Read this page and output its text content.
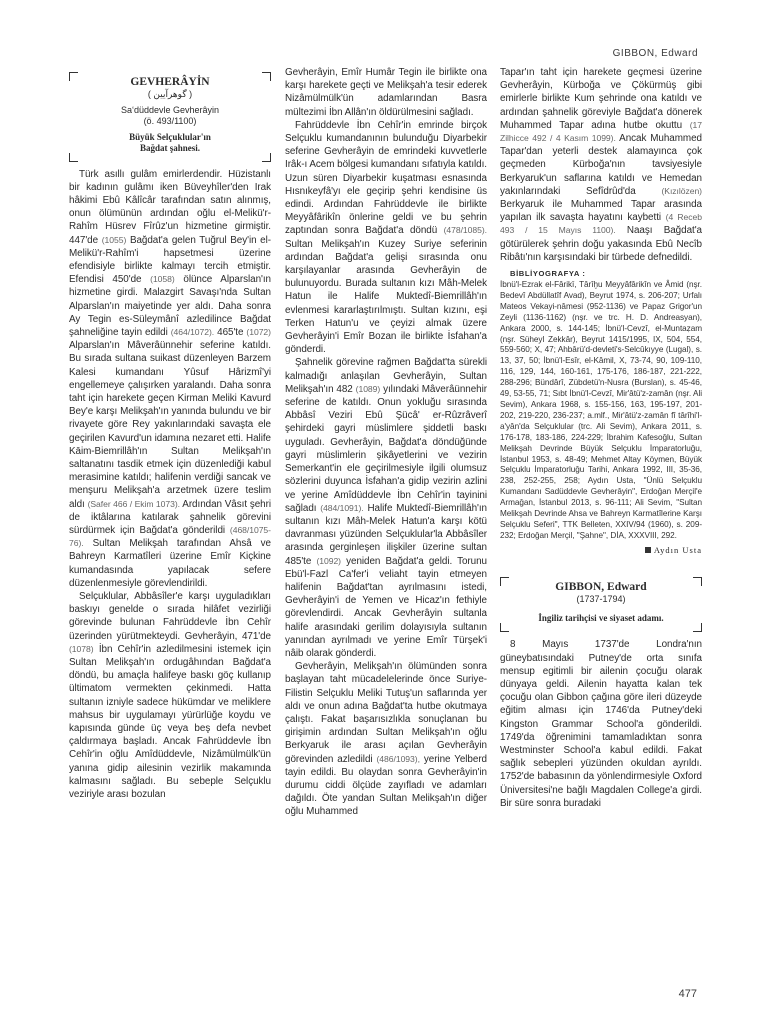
GIBBON, Edward
GEVHERÂYİN
( گوهرآيين )
Sa‘düddevle Gevherâyin
(ö. 493/1100)
Büyük Selçuklular'ın
Bağdat şahnesi.

Türk asıllı gulâm emirlerdendir. Hüzistanlı bir kadının gulâmı iken Büveyhîler'den Irak hâkimi Ebû Kâlîcâr tarafından satın alınmış, onun ölümünün ardından oğlu el-Melikü'r-Rahîm Hüsrev Fîrûz'un hizmetine girmiştir. 447'de (1055) Bağdat'a gelen Tuğrul Bey'in el-Melikü'r-Rahîm'i hapsetmesi üzerine efendisiyle birlikte kalmayı tercih etmiştir. Efendisi 450'de (1058) ölünce Alparslan'ın hizmetine girdi. Malazgirt Savaşı'nda Sultan Alparslan'ın maiyetinde yer aldı. Daha sonra Ay Tegin es-Süleymânî azledilince Bağdat şahneliğine tayin edildi (464/1072). 465'te (1072) Alparslan'ın Mâverâünnehir seferine katıldı. Bu sırada sultana suikast düzenleyen Barzem Kalesi kumandanı Yûsuf Hârizmî'yi engellemeye çalışırken yaralandı. Daha sonra taht için harekete geçen Kirman Meliki Kavurd Bey'e karşı Melikşah'ın yanında bulundu ve bir rivayete göre Rey yakınlarındaki savaşta ele geçirilen Kavurd'un idamına nezaret etti. Halife Kāim-Biemrillâh'ın Sultan Melikşah'ın saltanatını tasdik etmek için düzenlediği kabul merasimine katıldı; halifenin verdiği sancak ve menşuru Melikşah'a arzetmek üzere teslim aldı (Safer 466 / Ekim 1073). Ardından Vâsıt şehri de iktâlarına katılarak şahnelik görevini sürdürmek için Bağdat'a gönderildi (468/1075-76). Sultan Melikşah tarafından Ahsâ ve Bahreyn Karmatîleri üzerine Emîr Kiçkine kumandasında yapılacak sefere düzenlenmesiyle görevlendirildi.

Selçuklular, Abbâsîler'e karşı uyguladıkları baskıyı genelde o sırada hilâfet vezirliği görevinde bulunan Fahrüddevle İbn Cehîr üzerinden yürütmekteydi. Gevherâyin, 471'de (1078) İbn Cehîr'in azledilmesini istemek için Sultan Melikşah'ın ordugâhından Bağdat'a döndü, bu amaçla halifeye baskı göç kullanıp ültimatom vermekten çekinmedi. Hatta sultanın izniyle sadece hükümdar ve meliklere mahsus bir uygulamayı yürürlüğe koydu ve kapısında günde üç veya beş defa nevbet çaldırmaya başladı. Ancak Fahrüddevle İbn Cehîr'in oğlu Amîdüddevle, Nizâmülmülk'ün yanına gidip ailesinin vezirlik makamında kalmasını sağladı. Bu sebeple Selçuklu veziriyle arası bozulan

Gevherâyin, Emîr Humâr Tegin ile birlikte ona karşı harekete geçti ve Melikşah'a tesir ederek Nizâmülmülk'ün adamlarından Basra mültezimi İbn Allân'ın öldürülmesini sağladı.

Fahrüddevle İbn Cehîr'in emrinde birçok Selçuklu kumandanının bulunduğu Diyarbekir seferine Gevherâyin de emrindeki kuvvetlerle Irâk-ı Acem bölgesi kumandanı sıfatıyla katıldı. Uzun süren Diyarbekir kuşatması esnasında Hısnıkeyfâ'yı ele geçirip şehri kendisine üs edindi. Ardından Fahrüddevle ile birlikte Meyyâfârikîn önlerine geldi ve bu şehrin zaptından sonra Bağdat'a döndü (478/1085). Sultan Melikşah'ın Kuzey Suriye seferinin ardından Bağdat'a gelişi sırasında onu karşılayanlar arasında Gevherâyin de bulunuyordu. Burada sultanın kızı Mâh-Melek Hatun ile Halife Muktedî-Biemrillâh'ın evlenmesi kararlaştırılmıştı. Sultan kızını, eşi Terken Hatun'u ve çeyizi almak üzere Gevherâyin'i Emîr Bozan ile birlikte İsfahan'a gönderdi.

Şahnelik görevine rağmen Bağdat'ta sürekli kalmadığı anlaşılan Gevherâyin, Sultan Melikşah'ın 482 (1089) yılındaki Mâverâünnehir seferine de katıldı. Onun yokluğu sırasında Abbâsî Veziri Ebû Şücâ' er-Rûzrâverî şehirdeki gayri müslimlere şiddetli baskı uyguladı. Gevherâyin, Bağdat'a döndüğünde gayri müslimlerin şikâyetlerini ve vezirin Semerkant'in ele geçirilmesiyle ilgili olumsuz sözlerini duyunca İsfahan'a gidip vezirin azlini ve yerine Amîdüddevle İbn Cehîr'in tayinini sağladı (484/1091). Halife Muktedî-Biemrillâh'ın sultanın kızı Mâh-Melek Hatun'a karşı kötü davranması yüzünden Selçuklular'la Abbâsîler arasında gerginleşen ilişkiler üzerine sultan 485'te (1092) yeniden Bağdat'a geldi. Torunu Ebü'l-Fazl Ca'fer'i veliaht tayin etmeyen halifenin Bağdat'tan ayrılmasını istedi, Gevherâyin'i de Yemen ve Hicaz'ın fethiyle görevlendirdi. Ancak Gevherâyin sultanla halife arasındaki gerilim dolayısıyla sultanın yanından ayrılmadı ve yerine Emîr Türşek'i nâib olarak gönderdi.

Gevherâyin, Melikşah'ın ölümünden sonra başlayan taht mücadelelerinde önce Suriye-Filistin Selçuklu Meliki Tutuş'un saflarında yer aldı ve onun adına Bağdat'ta hutbe okutmaya çalıştı. Fakat başarısızlıkla sonuçlanan bu girişimin ardından Sultan Melikşah'ın oğlu Berkyaruk ile arası açılan Gevherâyin görevinden azledildi (486/1093), yerine Yelberd tayin edildi. Bu olaydan sonra Gevherâyin'in durumu ciddi ölçüde zayıfladı ve adamları dağıldı. Öte yandan Sultan Melikşah'ın diğer oğlu Muhammed

Tapar'ın taht için harekete geçmesi üzerine Gevherâyin, Kürboğa ve Çökürmüş gibi emirlerle birlikte Kum şehrinde ona katıldı ve ardından şahnelik göreviyle Bağdat'a dönerek Muhammed Tapar adına hutbe okuttu (17 Zilhicce 492 / 4 Kasım 1099). Ancak Muhammed Tapar'dan yeterli destek alamayınca çok geçmeden Kürboğa'nın tavsiyesiyle Berkyaruk'un saflarına katıldı ve Hemedan yakınlarındaki Sefîdrûd'da	(Kızılözen) Berkyaruk ile Muhammed Tapar arasında yapılan ilk savaşta hayatını kaybetti (4 Receb 493 / 15 Mayıs 1100). Naaşı Bağdat'a götürülerek şehrin doğu yakasında Ebû Necîb Ribâtı'nın karşısındaki bir türbede defnedildi.

BİBLİYOGRAFYA :

İbnü'l-Ezrak el-Fârikī, Târîḫu Meyyâfârikîn ve Âmid (nşr. Bedevî Abdüllatîf Avad), Beyrut 1974, s. 206-207; Urfalı Mateos Vekayi-nâmesi (952-1136) ve Papaz Grigor'un Zeyli (1136-1162) (nşr. ve trc. H. D. Andreasyan), Ankara 2000, s. 144-145; İbnü'l-Cevzî, el-Muntaẓam (nşr. Süheyl Zekkâr), Beyrut 1415/1995, IX, 504, 554, 559-560; X, 47; Ahbârü'd-devleti's-Selcûkıyye (Lugal), s. 13, 37, 50; İbnü'l-Esîr, el-Kâmil, X, 73-74, 90, 109-110, 116, 129, 144, 160-161, 175-176, 186-187, 221-222, 288-296; Bündârî, Zübdetü'n-Nusra (Burslan), s. 45-46, 49, 53-55, 71; Sıbt İbnü'l-Cevzî, Mir'âtü'z-zamân (nşr. Ali Sevim), Ankara 1968, s. 155-156, 163, 195-197, 201-202, 219-220, 236-237; a.mlf., Mir'âtü'z-zamân fî târîhi'l-a'yân'da Selçuklular (trc. Ali Sevim), Ankara 2011, s. 176-178, 183-186, 224-229; İbrahim Kafesoğlu, Sultan Melikşah Devrinde Büyük Selçuklu İmparatorluğu, İstanbul 1953, s. 48-49; Mehmet Altay Köymen, Büyük Selçuklu İmparatorluğu Tarihi, Ankara 1992, III, 35-36, 238, 252-255, 258; Aydın Usta, "Ünlü Selçuklu Kumandanı Sadüddevle Gevherâyin", Erdoğan Merçil'e Armağan, İstanbul 2013, s. 96-111; Ali Sevim, "Sultan Melikşah Devrinde Ahsa ve Bahreyn Karmatîlerine Karşı Selçuklu Seferi", TTK Belleten, XXIV/94 (1960), s. 209-232; Erdoğan Merçil, "Şahne", DİA, XXXVIII, 292.

Aydın Usta
GIBBON, Edward
(1737-1794)
İngiliz tarihçisi ve siyaset adamı.

8 Mayıs 1737'de Londra'nın güneybatısındaki Putney'de orta sınıfa mensup egitimli bir ailenin çocuğu olarak dünyaya geldi. Ailenin hayatta kalan tek çocuğu olan Gibbon çağına göre ileri düzeyde eğitim alması için 1746'da Putney'deki Kingston Grammar School'a gönderildi. 1749'da öğrenimini tamamladıktan sonra Westminster School'a kabul edildi. Fakat sağlık sebepleri yüzünden okuldan ayrıldı. 1752'de babasının da yönlendirmesiyle Oxford Üniversitesi'ne bağlı Magdalen College'a girdi. Bir süre sonra buradaki

477
